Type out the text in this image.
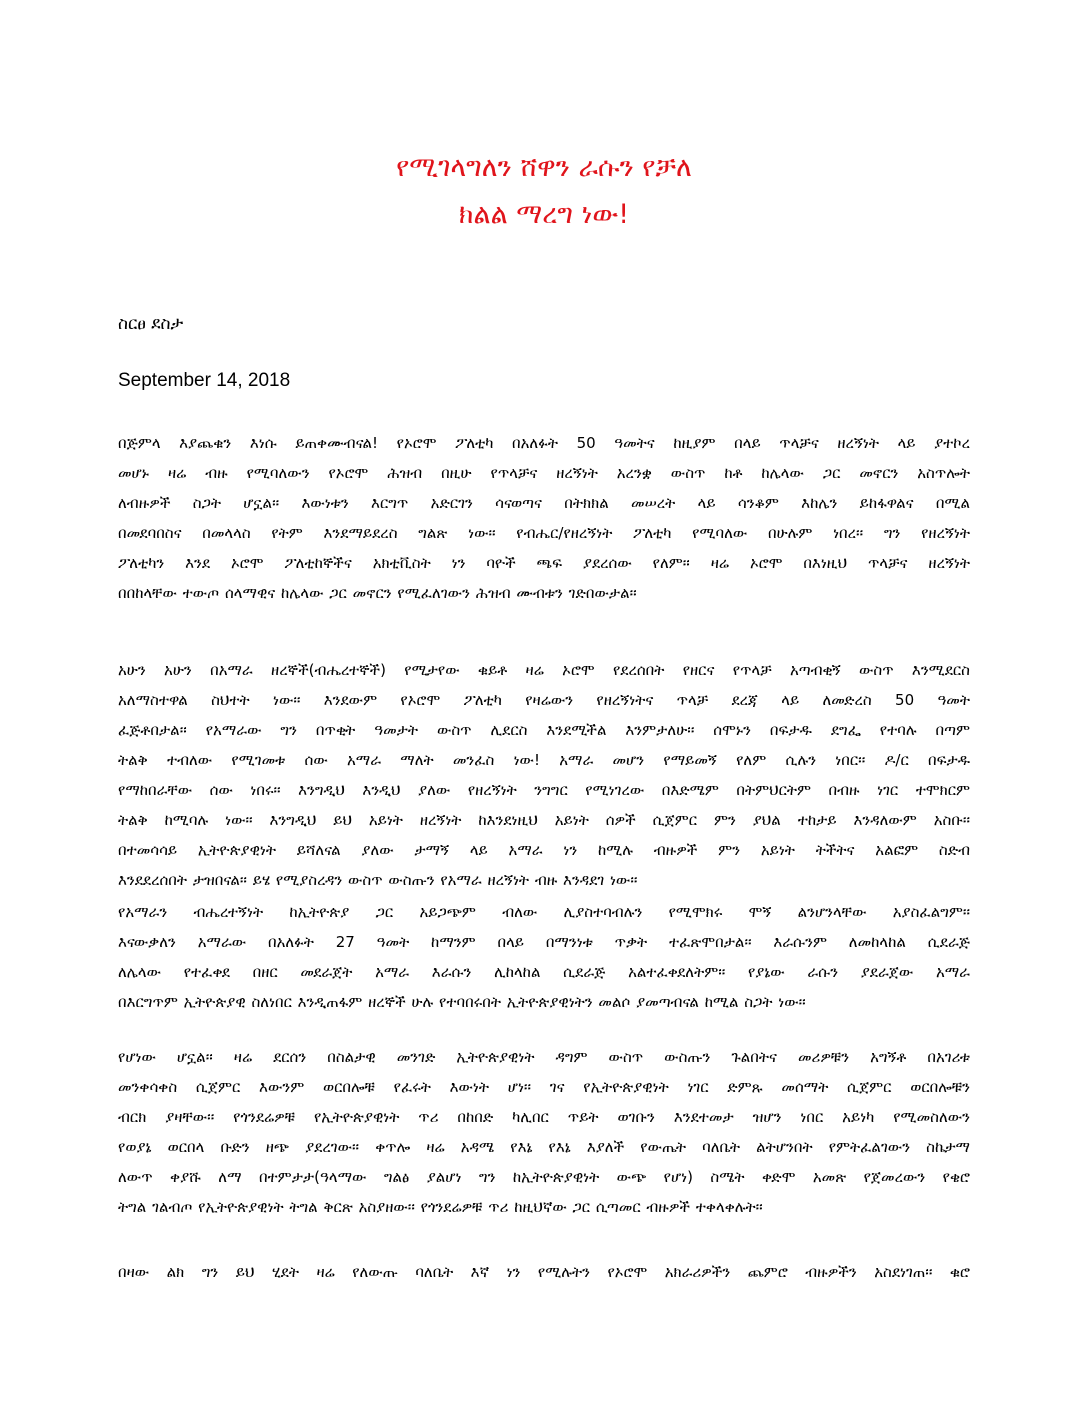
የሚገላግለን ሸዋን ራሱን የቻለ
ክልል ማረግ ነው!

ስርፀ ደስታ

September 14, 2018

በጅምላ እያጨቁን እነሱ ይጠቀሙብናል! የኦሮሞ ፖለቲካ በአለፉት 50 ዓመትና ከዚያም በላይ ጥላቻና ዘረኝነት ላይ ያተኮረ
መሆኑ ዛሬ ብዙ የሚባለውን የኦሮሞ ሕዝብ በዚሁ የጥላቻና ዘረኝነት አረንቋ ውስጥ ከቶ ከሌላው ጋር መኖርን አስጥሎት
ለብዙዎች ስጋት ሆኗል፡፡ እውነቱን እርግጥ አድርገን ሳናወጣና በትክክል መሠረት ላይ ሳንቆም እከሌን ይከፋዋልና በሚል
በመደባበስና በመላላስ የትም እንደማይደረስ ግልጽ ነው፡፡ የብሔር/የዘረኝነት ፖለቲካ የሚባለው በሁሉም ነበረ፡፡ ግን የዘረኝነት
ፖለቲካን እንደ ኦሮሞ ፖለቲከኞችና አክቲቪስት ነን ባዮች ጫፍ ያደረሰው የለም፡፡ ዛሬ ኦሮሞ በእነዚህ ጥላቻና ዘረኝነት
በበከላቸው ተውጦ ሰላማዊና ከሌላው ጋር መኖርን የሚፈለገውን ሕዝብ ሙብቱን ገድበውታል፡፡
አሁን አሁን በአማራ ዘረኞች(ብሔረተኞች) የሚታየው ቁይቶ ዛሬ ኦሮሞ የደረሰበት የዘርና የጥላቻ አጣብቂኝ ውስጥ እንሚደርስ
አለማስተዋል ስህተት ነው፡፡ እንደውም የኦሮሞ ፖለቲካ የዛሬውን የዘረኝነትና ጥላቻ ደረጃ ላይ ለመድረስ 50 ዓመት
ፈጅቶበታል፡፡ የአማራው ግን በጥቂት ዓመታት ውስጥ ሊደርስ እንደሚችል እንምታለሁ፡፡ ሰሞኑን በፍታዱ ደግፌ የተባሉ በጣም
ትልቅ ተብለው የሚገመቱ ሰው አማራ ማለት መንፈስ ነው! አማራ መሆን የማይመኝ የለም ሲሉን ነበር፡፡ ዶ/ር በፍታዱ
የማከበራቸው ሰው ነበሩ፡፡ እንግዲህ እንዲህ ያለው የዘረኝነት ንግግር የሚነገረው በእድሜም በትምህርትም በብዙ ነገር ተሞክርም
ትልቅ ከሚባሉ ነው፡፡ እንግዲህ ይህ አይነት ዘረኝነት ከእንደነዚህ አይነት ሰዎች ሲጀምር ምን ያህል ተከታይ እንዳለውም አስቡ፡፡
በተመሳሳይ ኢትዮጵያዊነት ይሻለናል ያለው ታማኝ ላይ አማራ ነን ከሚሉ ብዙዎች ምን አይነት ትችትና አልፎም ስድብ
እንደደረሰበት ታዝበናል፡፡ ይሄ የሚያስረዳን ውስጥ ውስጡን የአማራ ዘረኝነት ብዙ እንዳደገ ነው፡፡
የአማራን ብሔረተኝነት ከኢትዮጵያ ጋር አይጋጭም ብለው ሊያስተባብሉን የሚሞክሩ ሞኝ ልንሆንላቸው አያስፈልግም፡፡
እናውቃለን አማራው በአለፉት 27 ዓመት ከማንም በላይ በማንነቱ ጥቃት ተፈጽሞበታል፡፡ እራሱንም ለመከላከል ሲደራጅ
ለሌላው የተፈቀደ በዘር መደራጀት አማራ እራሱን ሊከላከል ሲደራጅ አልተፈቀደለትም፡፡ የያኔው ራሱን ያደራጀው አማራ
በእርግጥም ኢትዮጵያዊ ስለነበር እንዲጠፋም ዘረኞች ሁሉ የተባበሩበት ኢትዮጵያዊነትን መልሶ ያመጣብናል ከሚል ስጋት ነው፡፡
የሆነው ሆኗል፡፡ ዛሬ ደርሰን በስልታዊ መንገድ ኢትዮጵያዊነት ዳግም ውስጥ ውስጡን ጉልበትና መሪዎቹን አግኝቶ በአገሪቱ
መንቀሳቀስ ሲጀምር እውንም ወርበሎቹ የፈሩት እውነት ሆነ፡፡ ገና የኢትዮጵያዊነት ነገር ድምጹ መሰማት ሲጀምር ወርበሎቹን
ብርክ ያዛቸው፡፡ የጎንደሬዎቹ የኢትዮጵያዊነት ጥሪ በከበድ ካሊበር ጥይት ወገቡን እንደተመታ ዝሆን ነበር አይነካ የሚመስለውን
የወያኔ ወርበላ ቡድን ዘጭ ያደረገው፡፡ ቀጥሎ ዛሬ አዳሜ የእኔ የእኔ እያለች የውጤት ባለቤት ልትሆንበት የምትፈልገውን ስኬታማ
ለውጥ ቀያሹ ለማ በተምታታ(ዓላማው ግልፅ ያልሆነ ግን ከኢትዮጵያዊነት ውጭ የሆነ) ስሜት ቀድሞ አመጽ የጀመረውን የቄሮ
ትግል ገልብጦ የኢትዮጵያዊነት ትግል ቅርጽ አስያዘው፡፡ የጎንደሬዎቹ ጥሪ ከዚህኛው ጋር ሲጣመር ብዙዎች ተቀላቀሉት፡፡
በዛው ልክ ግን ይህ ሂደት ዛሬ የለውጡ ባለቤት እኛ ነን የሚሉትን የኦሮሞ አክራሪዎችን ጨምሮ ብዙዎችን አስደነገጠ፡፡ ቁሮ
